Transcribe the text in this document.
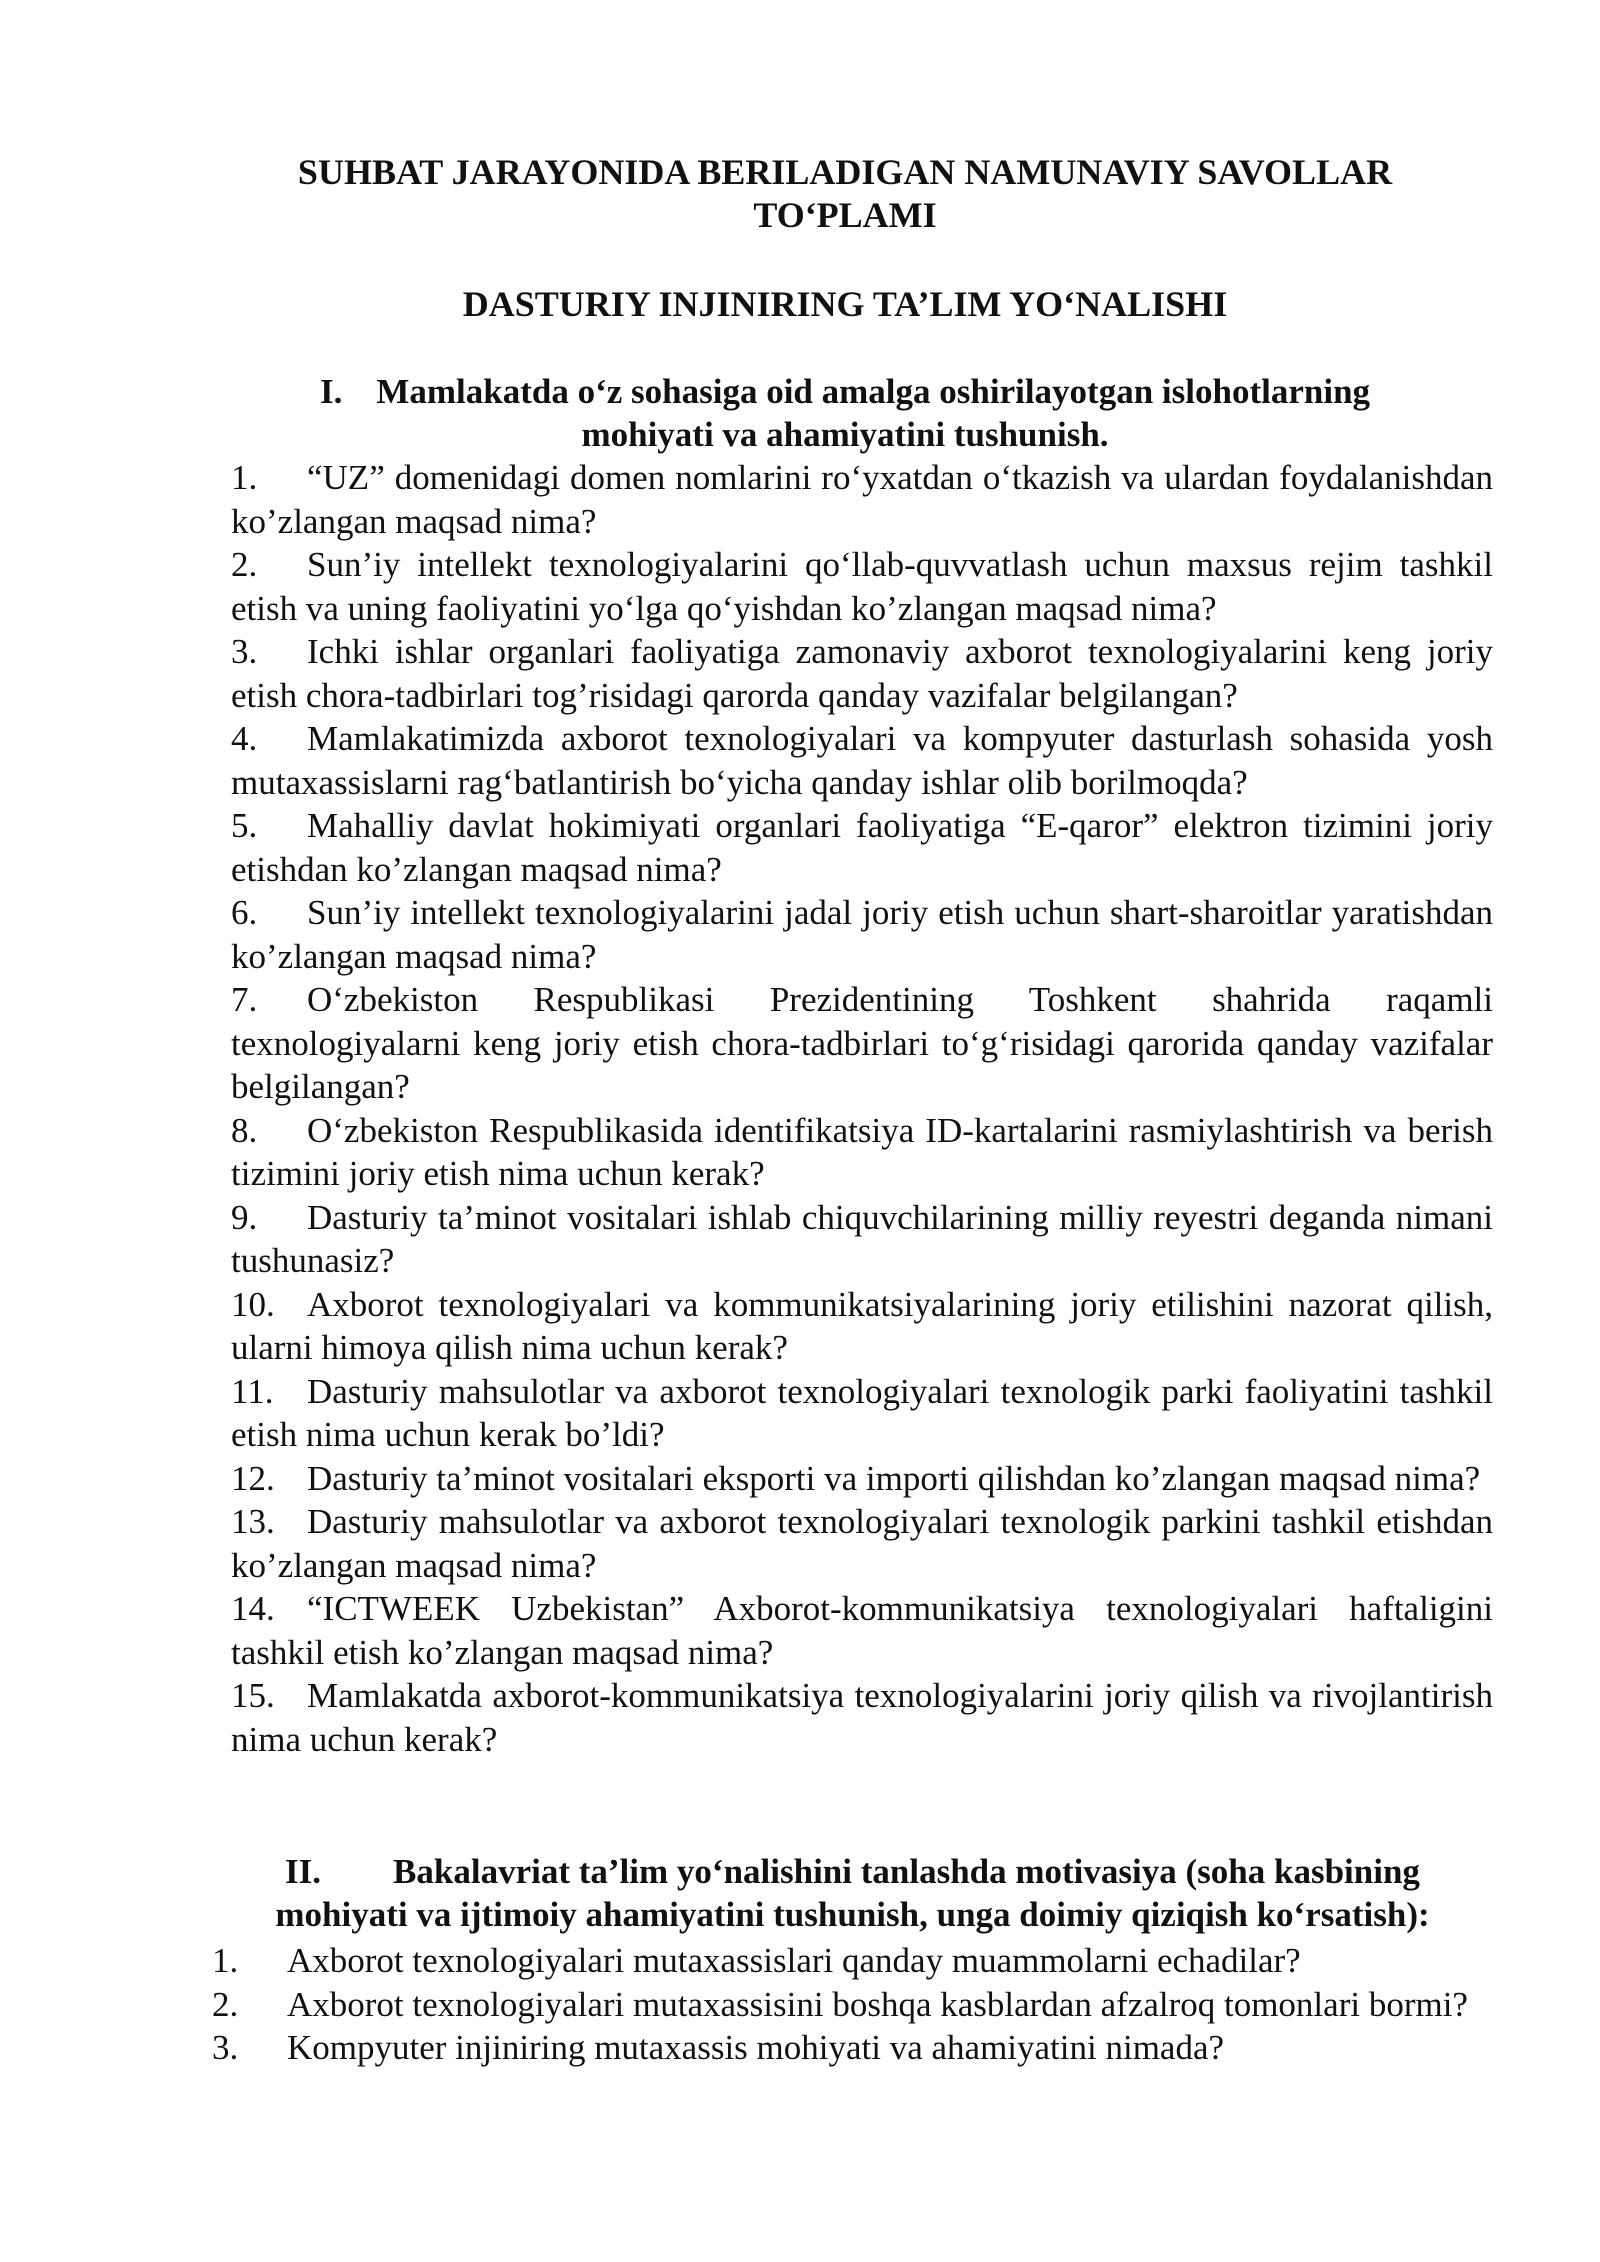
SUHBAT JARAYONIDA BERILADIGAN NAMUNAVIY SAVOLLAR
TO‘PLAMI
DASTURIY INJINIRING TA’LIM YO‘NALISHI
I. Mamlakatda o‘z sohasiga oid amalga oshirilayotgan islohotlarning
mohiyati va ahamiyatini tushunish.

1. “UZ” domenidagi domen nomlarini ro‘yxatdan o‘tkazish va ulardan foydalanishdan ko’zlangan maqsad nima?

2. Sun’iy intellekt texnologiyalarini qo‘llab-quvvatlash uchun maxsus rejim tashkil etish va uning faoliyatini yo‘lga qo‘yishdan ko’zlangan maqsad nima?

3. Ichki ishlar organlari faoliyatiga zamonaviy axborot texnologiyalarini keng joriy etish chora-tadbirlari tog’risidagi qarorda qanday vazifalar belgilangan?

4. Mamlakatimizda axborot texnologiyalari va kompyuter dasturlash sohasida yosh mutaxassislarni rag‘batlantirish bo‘yicha qanday ishlar olib borilmoqda?

5. Mahalliy davlat hokimiyati organlari faoliyatiga “E-qaror” elektron tizimini joriy etishdan ko’zlangan maqsad nima?

6. Sun’iy intellekt texnologiyalarini jadal joriy etish uchun shart-sharoitlar yaratishdan ko’zlangan maqsad nima?

7. O‘zbekiston Respublikasi Prezidentining Toshkent shahrida raqamli texnologiyalarni keng joriy etish chora-tadbirlari to‘g‘risidagi qarorida qanday vazifalar belgilangan?

8. O‘zbekiston Respublikasida identifikatsiya ID-kartalarini rasmiylashtirish va berish tizimini joriy etish nima uchun kerak?

9. Dasturiy ta’minot vositalari ishlab chiquvchilarining milliy reyestri deganda nimani tushunasiz?

10. Axborot texnologiyalari va kommunikatsiyalarining joriy etilishini nazorat qilish, ularni himoya qilish nima uchun kerak?

11. Dasturiy mahsulotlar va axborot texnologiyalari texnologik parki faoliyatini tashkil etish nima uchun kerak bo’ldi?

12. Dasturiy ta’minot vositalari eksporti va importi qilishdan ko’zlangan maqsad nima?

13. Dasturiy mahsulotlar va axborot texnologiyalari texnologik parkini tashkil etishdan ko’zlangan maqsad nima?

14. “ICTWEEK Uzbekistan” Axborot-kommunikatsiya texnologiyalari haftaligini tashkil etish ko’zlangan maqsad nima?

15. Mamlakatda axborot-kommunikatsiya texnologiyalarini joriy qilish va rivojlantirish nima uchun kerak?

II. Bakalavriat ta’lim yo‘nalishini tanlashda motivasiya (soha kasbining
mohiyati va ijtimoiy ahamiyatini tushunish, unga doimiy qiziqish ko‘rsatish):

1. Axborot texnologiyalari mutaxassislari qanday muammolarni echadilar?

2. Axborot texnologiyalari mutaxassisini boshqa kasblardan afzalroq tomonlari bormi?

3. Kompyuter injiniring mutaxassis mohiyati va ahamiyatini nimada?
